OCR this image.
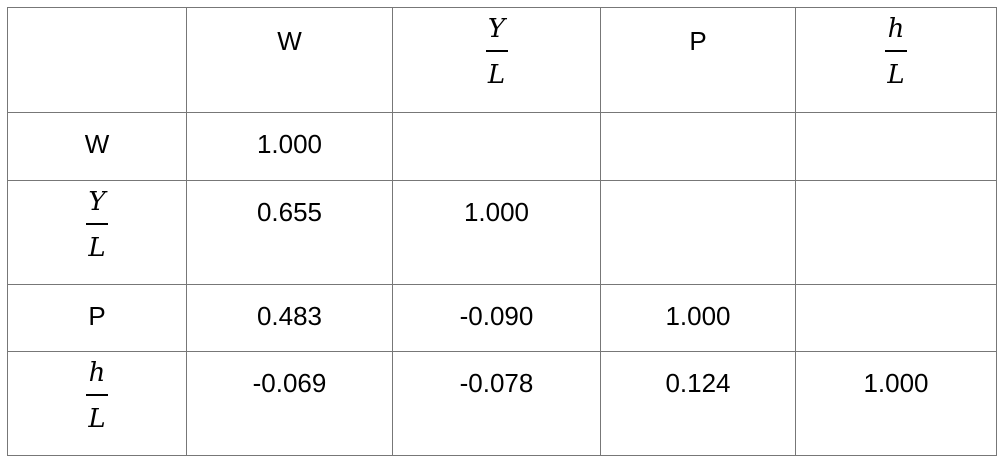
	W	$\frac{Y}{L}$	P	$\frac{h}{L}$

W	1.000			

$\frac{Y}{L}$	0.655	1.000		

P	0.483	-0.090	1.000	

$\frac{h}{L}$	-0.069	-0.078	0.124	1.000
